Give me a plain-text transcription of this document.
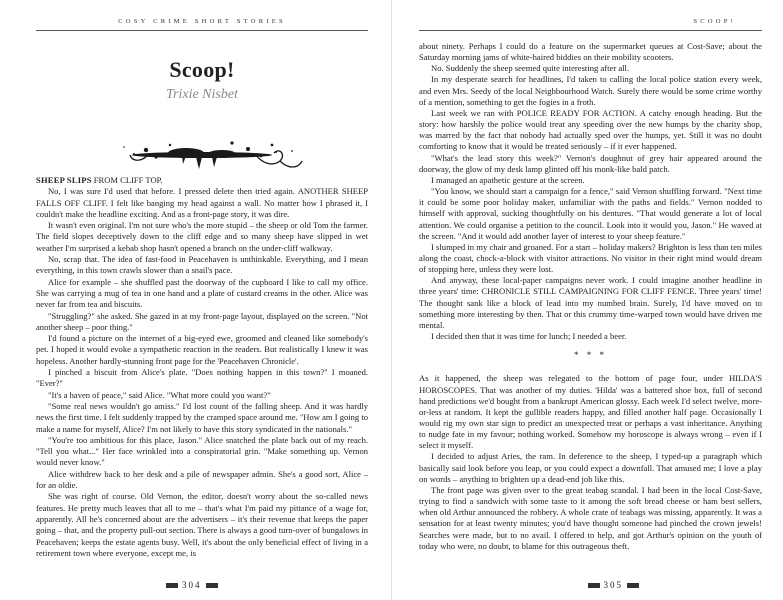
COSY CRIME SHORT STORIES
Scoop!
Trixie Nisbet

SHEEP SLIPS FROM CLIFF TOP.

No, I was sure I'd used that before. I pressed delete then tried again. ANOTHER SHEEP FALLS OFF CLIFF. I felt like banging my head against a wall. No matter how I phrased it, I couldn't make the headline exciting. And as a front-page story, it was dire.

It wasn't even original. I'm not sure who's the more stupid – the sheep or old Tom the farmer. The field slopes deceptively down to the cliff edge and so many sheep have slipped in wet weather I'm surprised a kebab shop hasn't opened a branch on the under-cliff walkway.

No, scrap that. The idea of fast-food in Peacehaven is unthinkable. Everything, and I mean everything, in this town crawls slower than a snail's pace.

Alice for example – she shuffled past the doorway of the cupboard I like to call my office. She was carrying a mug of tea in one hand and a plate of custard creams in the other. Alice was never far from tea and biscuits.

"Struggling?" she asked. She gazed in at my front-page layout, displayed on the screen. "Not another sheep – poor thing."

I'd found a picture on the internet of a big-eyed ewe, groomed and cleaned like somebody's pet. I hoped it would evoke a sympathetic reaction in the readers. But realistically I knew it was hopeless. Another hardly-stunning front page for the 'Peacehaven Chronicle'.

I pinched a biscuit from Alice's plate. "Does nothing happen in this town?" I moaned. "Ever?"

"It's a haven of peace," said Alice. "What more could you want?"

"Some real news wouldn't go amiss." I'd lost count of the falling sheep. And it was hardly news the first time. I felt suddenly trapped by the cramped space around me. "How am I going to make a name for myself, Alice? I'm not likely to have this story syndicated in the nationals."

"You're too ambitious for this place, Jason." Alice snatched the plate back out of my reach. "Tell you what..." Her face wrinkled into a conspiratorial grin. "Make something up. Vernon would never know."

Alice withdrew back to her desk and a pile of newspaper admin. She's a good sort, Alice – for an oldie.

She was right of course. Old Vernon, the editor, doesn't worry about the so-called news features. He pretty much leaves that all to me – that's what I'm paid my pittance of a wage for, apparently. All he's concerned about are the advertisers – it's their revenue that keeps the paper going – that, and the property pull-out section. There is always a good turn-over of bungalows in Peacehaven; keeps the estate agents busy. Well, it's about the only beneficial effect of living in a retirement town where everyone, except me, is

304
SCOOP!

about ninety. Perhaps I could do a feature on the supermarket queues at Cost-Save; about the Saturday morning jams of white-haired biddies on their mobility scooters.

No. Suddenly the sheep seemed quite interesting after all.

In my desperate search for headlines, I'd taken to calling the local police station every week, and even Mrs. Seedy of the local Neighbourhood Watch. Surely there would be some crime worthy of a mention, something to get the fogies in a froth.

Last week we ran with POLICE READY FOR ACTION. A catchy enough heading. But the story: how harshly the police would treat any speeding over the new humps by the charity shop, was marred by the fact that nobody had actually sped over the humps, yet. Still it was no doubt comforting to know that it would be treated seriously – if it ever happened.

"What's the lead story this week?" Vernon's doughnut of grey hair appeared around the doorway, the glow of my desk lamp glinted off his monk-like bald patch.

I managed an apathetic gesture at the screen.

"You know, we should start a campaign for a fence," said Vernon shuffling forward. "Next time it could be some poor holiday maker, unfamiliar with the paths and fields." Vernon nodded to himself with approval, sucking thoughtfully on his dentures. "That would generate a lot of local attention. We could organise a petition to the council. Look into it would you, Jason." He waved at the screen. "And it would add another layer of interest to your sheep feature."

I slumped in my chair and groaned. For a start – holiday makers? Brighton is less than ten miles along the coast, chock-a-block with visitor attractions. No visitor in their right mind would dream of stopping here, unless they were lost.

And anyway, these local-paper campaigns never work. I could imagine another headline in three years' time: CHRONICLE STILL CAMPAIGNING FOR CLIFF FENCE. Three years' time! The thought sank like a block of lead into my numbed brain. Surely, I'd have moved on to something more interesting by then. That or this crummy time-warped town would have driven me mental.

I decided then that it was time for lunch; I needed a beer.

* * *

As it happened, the sheep was relegated to the bottom of page four, under HILDA'S HOROSCOPES. That was another of my duties. 'Hilda' was a battered shoe box, full of second hand predictions we'd bought from a bankrupt American glossy. Each week I'd select twelve, more-or-less at random. It kept the gullible readers happy, and filled another half page. Occasionally I would rig my own star sign to predict an unexpected treat or perhaps a vast inheritance. Anything to nudge fate in my favour; nothing worked. Somehow my horoscope is always wrong – even if I select it myself.

I decided to adjust Aries, the ram. In deference to the sheep, I typed-up a paragraph which basically said look before you leap, or you could expect a downfall. That amused me; I love a play on words – anything to brighten up a dead-end job like this.

The front page was given over to the great teabag scandal. I had been in the local Cost-Save, trying to find a sandwich with some taste to it among the soft bread cheese or ham best sellers, when old Arthur announced the robbery. A whole crate of teabags was missing, apparently. It was a sensation for at least twenty minutes; you'd have thought someone had pinched the crown jewels! Searches were made, but to no avail. I offered to help, and got Arthur's opinion on the youth of today who were, no doubt, to blame for this outrageous theft.

305
